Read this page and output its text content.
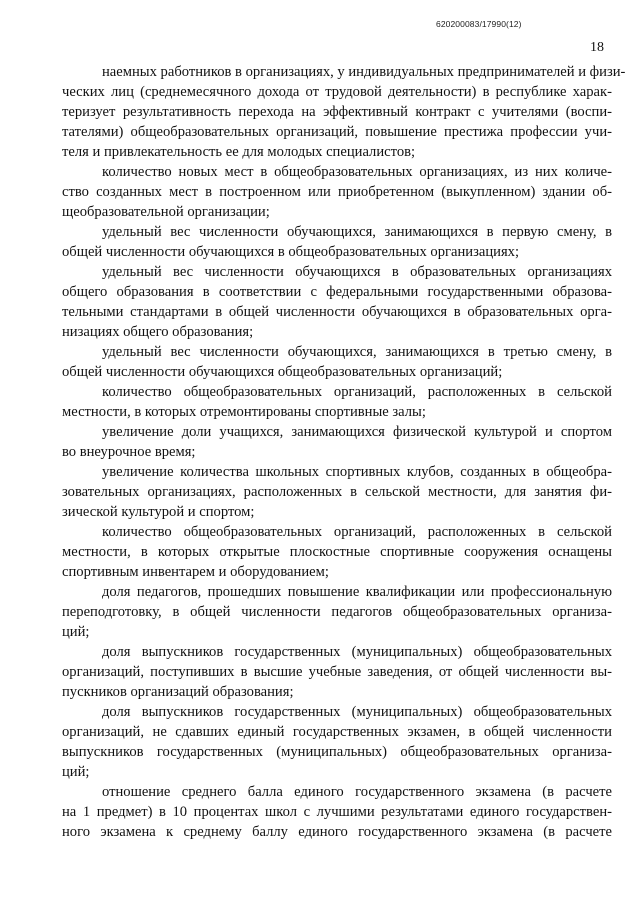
620200083/17990(12)
18
наемных работников в организациях, у индивидуальных предпринимателей и физи-
ческих лиц (среднемесячного дохода от трудовой деятельности) в республике харак-
теризует результативность перехода на эффективный контракт с учителями (воспи-
тателями) общеобразовательных организаций, повышение престижа профессии учи-
теля и привлекательность ее для молодых специалистов;
количество новых мест в общеобразовательных организациях, из них количе-
ство созданных мест в построенном или приобретенном (выкупленном) здании об-
щеобразовательной организации;
удельный вес численности обучающихся, занимающихся в первую смену, в
общей численности обучающихся в общеобразовательных организациях;
удельный вес численности обучающихся в образовательных организациях
общего образования в соответствии с федеральными государственными образова-
тельными стандартами в общей численности обучающихся в образовательных орга-
низациях общего образования;
удельный вес численности обучающихся, занимающихся в третью смену, в
общей численности обучающихся общеобразовательных организаций;
количество общеобразовательных организаций, расположенных в сельской
местности, в которых отремонтированы спортивные залы;
увеличение доли учащихся, занимающихся физической культурой и спортом
во внеурочное время;
увеличение количества школьных спортивных клубов, созданных в общеобра-
зовательных организациях, расположенных в сельской местности, для занятия фи-
зической культурой и спортом;
количество общеобразовательных организаций, расположенных в сельской
местности, в которых открытые плоскостные спортивные сооружения оснащены
спортивным инвентарем и оборудованием;
доля педагогов, прошедших повышение квалификации или профессиональную
переподготовку, в общей численности педагогов общеобразовательных организа-
ций;
доля выпускников государственных (муниципальных) общеобразовательных
организаций, поступивших в высшие учебные заведения, от общей численности вы-
пускников организаций образования;
доля выпускников государственных (муниципальных) общеобразовательных
организаций, не сдавших единый государственных экзамен, в общей численности
выпускников государственных (муниципальных) общеобразовательных организа-
ций;
отношение среднего балла единого государственного экзамена (в расчете
на 1 предмет) в 10 процентах школ с лучшими результатами единого государствен-
ного экзамена к среднему баллу единого государственного экзамена (в расчете
